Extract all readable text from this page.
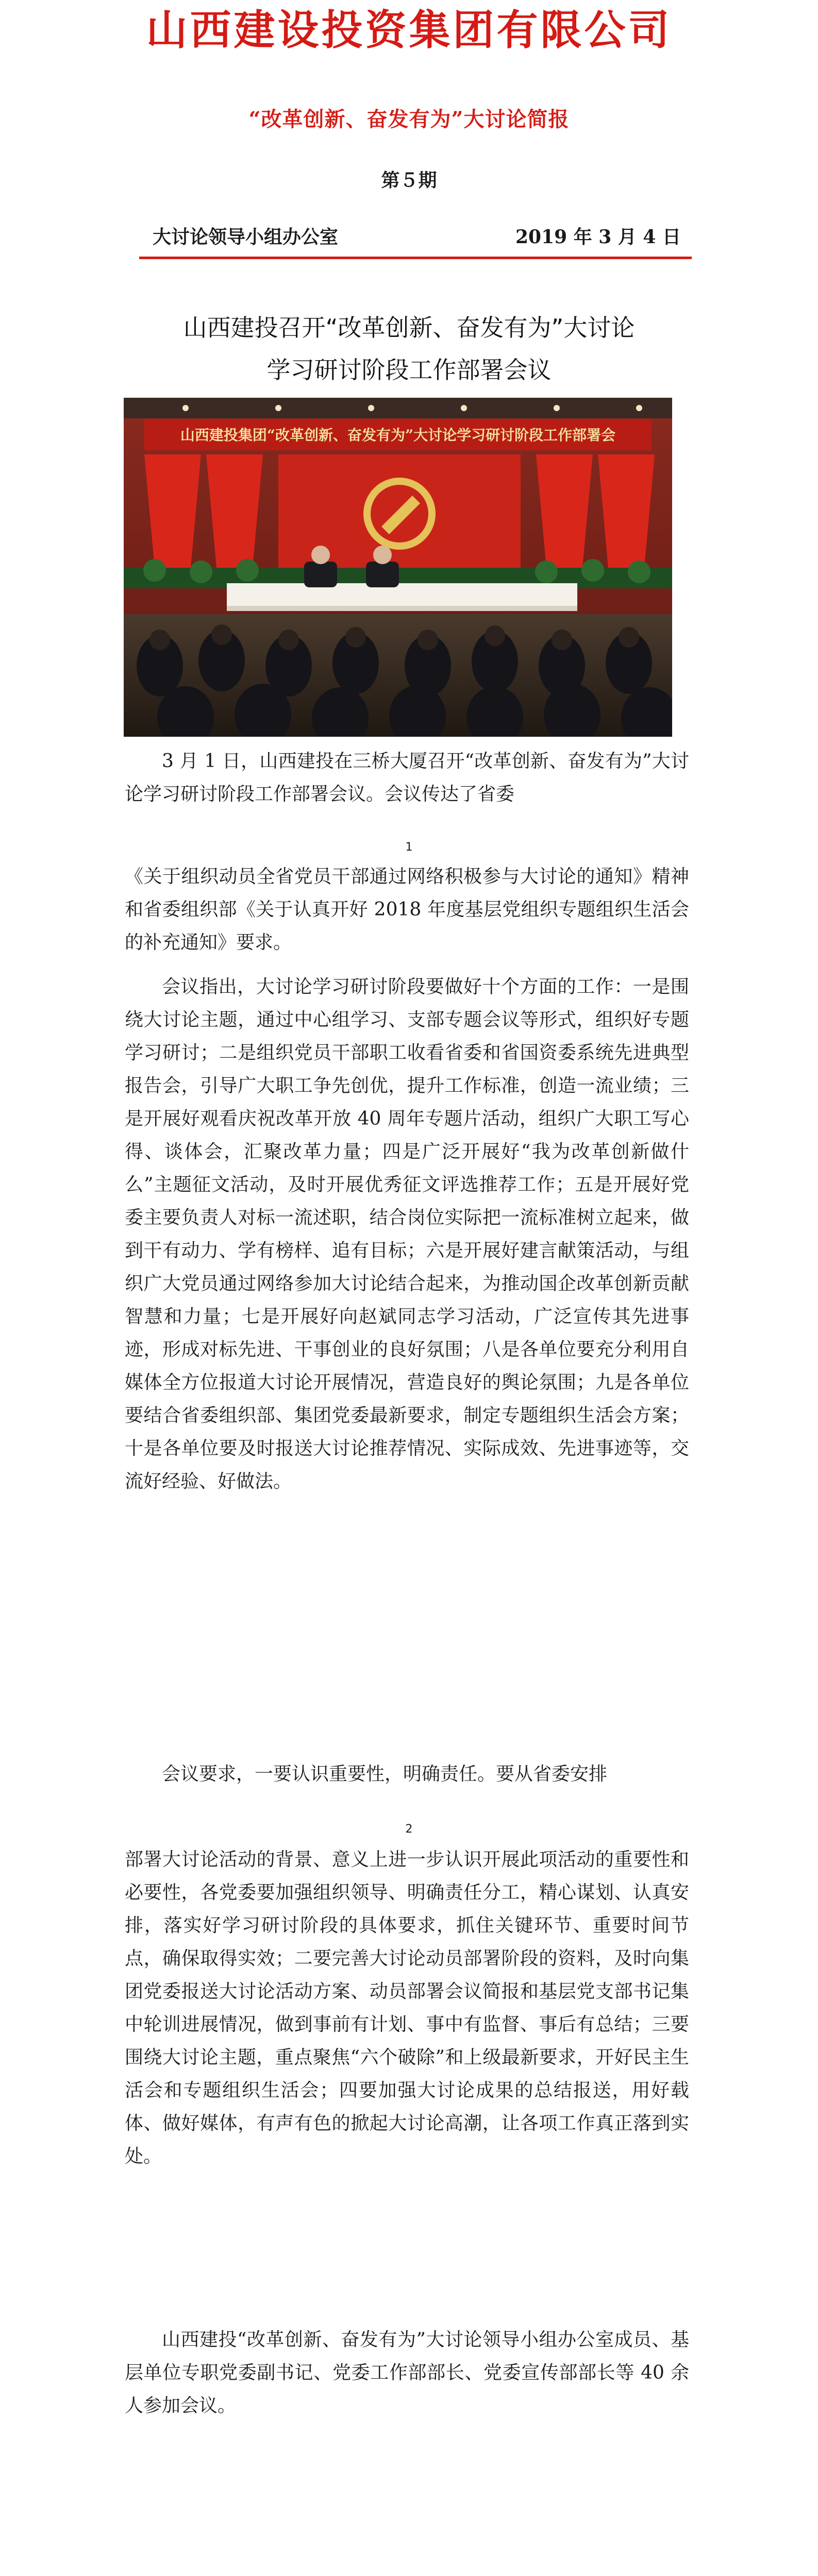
山西建设投资集团有限公司
“改革创新、奋发有为”大讨论简报
第５期
大讨论领导小组办公室	2019 年 3 月 4 日
山西建投召开“改革创新、奋发有为”大讨论
学习研讨阶段工作部署会议
山西建投集团“改革创新、奋发有为”大讨论学习研讨阶段工作部署会

3 月 1 日，山西建投在三桥大厦召开“改革创新、奋发有为”大讨论学习研讨阶段工作部署会议。会议传达了省委

1

《关于组织动员全省党员干部通过网络积极参与大讨论的通知》精神和省委组织部《关于认真开好 2018 年度基层党组织专题组织生活会的补充通知》要求。

会议指出，大讨论学习研讨阶段要做好十个方面的工作：一是围绕大讨论主题，通过中心组学习、支部专题会议等形式，组织好专题学习研讨；二是组织党员干部职工收看省委和省国资委系统先进典型报告会，引导广大职工争先创优，提升工作标准，创造一流业绩；三是开展好观看庆祝改革开放 40 周年专题片活动，组织广大职工写心得、谈体会，汇聚改革力量；四是广泛开展好“我为改革创新做什么”主题征文活动，及时开展优秀征文评选推荐工作；五是开展好党委主要负责人对标一流述职，结合岗位实际把一流标准树立起来，做到干有动力、学有榜样、追有目标；六是开展好建言献策活动，与组织广大党员通过网络参加大讨论结合起来，为推动国企改革创新贡献智慧和力量；七是开展好向赵斌同志学习活动，广泛宣传其先进事迹，形成对标先进、干事创业的良好氛围；八是各单位要充分利用自媒体全方位报道大讨论开展情况，营造良好的舆论氛围；九是各单位要结合省委组织部、集团党委最新要求，制定专题组织生活会方案；十是各单位要及时报送大讨论推荐情况、实际成效、先进事迹等，交流好经验、好做法。

会议要求，一要认识重要性，明确责任。要从省委安排

2

部署大讨论活动的背景、意义上进一步认识开展此项活动的重要性和必要性，各党委要加强组织领导、明确责任分工，精心谋划、认真安排，落实好学习研讨阶段的具体要求，抓住关键环节、重要时间节点，确保取得实效；二要完善大讨论动员部署阶段的资料，及时向集团党委报送大讨论活动方案、动员部署会议简报和基层党支部书记集中轮训进展情况，做到事前有计划、事中有监督、事后有总结；三要围绕大讨论主题，重点聚焦“六个破除”和上级最新要求，开好民主生活会和专题组织生活会；四要加强大讨论成果的总结报送，用好载体、做好媒体，有声有色的掀起大讨论高潮，让各项工作真正落到实处。

山西建投“改革创新、奋发有为”大讨论领导小组办公室成员、基层单位专职党委副书记、党委工作部部长、党委宣传部部长等 40 余人参加会议。
